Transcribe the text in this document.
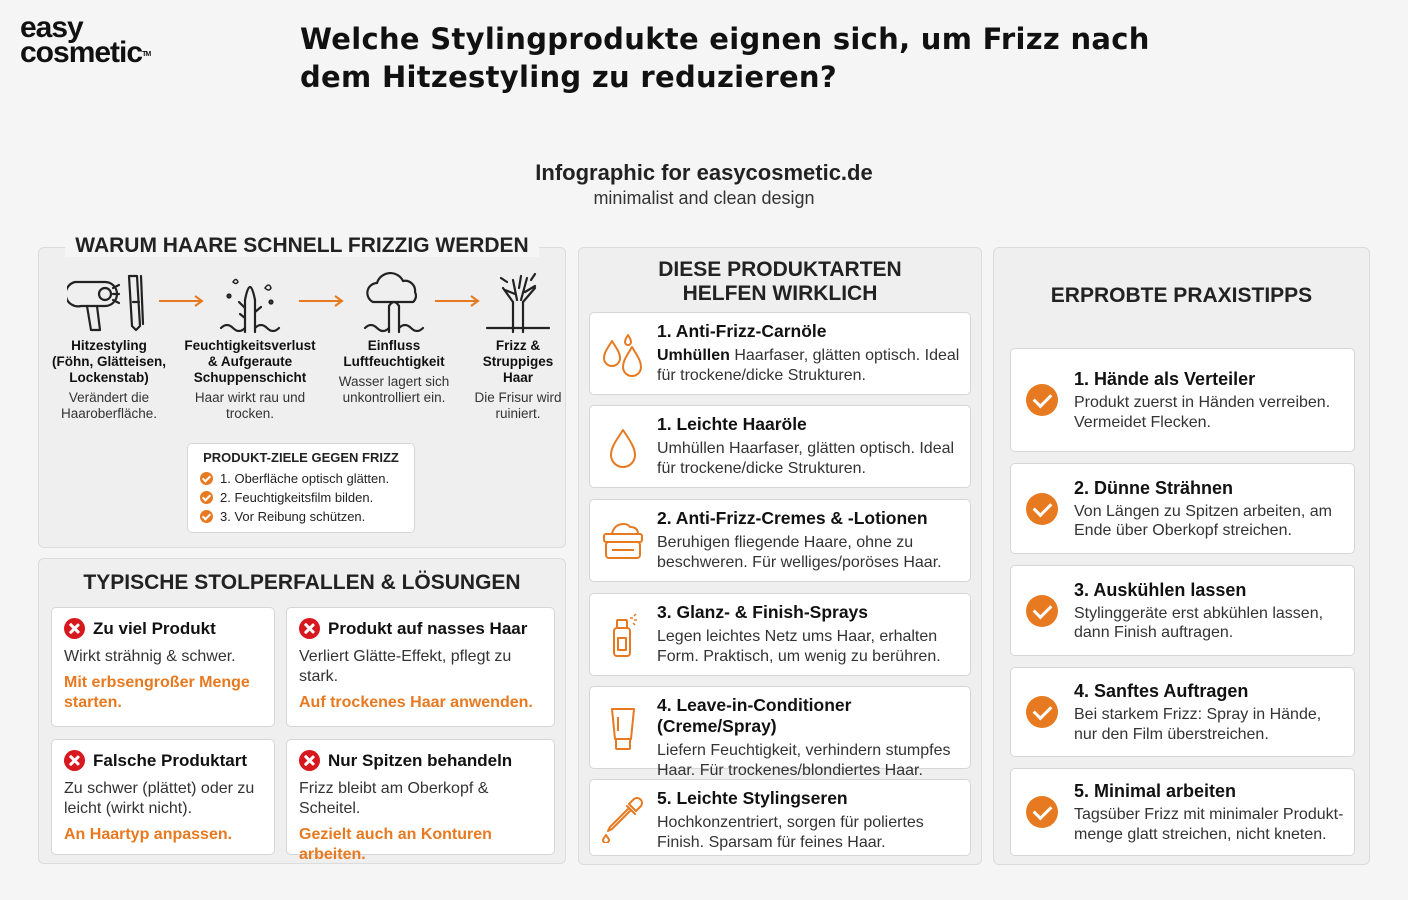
easy
cosmetic™	Welche Stylingprodukte eignen sich, um Frizz nach dem Hitzestyling zu reduzieren?
Infographic for easycosmetic.de
minimalist and clean design
WARUM HAARE SCHNELL FRIZZIG WERDEN
Hitzestyling (Föhn, Glätteisen, Lockenstab)
Verändert die Haaroberfläche.
Feuchtigkeitsverlust & Aufgeraute Schuppenschicht
Haar wirkt rau und trocken.
Einfluss Luftfeuchtigkeit
Wasser lagert sich unkontrolliert ein.
Frizz & Struppiges Haar
Die Frisur wird ruiniert.
PRODUKT-ZIELE GEGEN FRIZZ
1. Oberfläche optisch glätten.
2. Feuchtigkeitsfilm bilden.
3. Vor Reibung schützen.
TYPISCHE STOLPERFALLEN & LÖSUNGEN
Zu viel Produkt
Wirkt strähnig & schwer.
Mit erbsengroßer Menge starten.
Produkt auf nasses Haar
Verliert Glätte-Effekt, pflegt zu stark.
Auf trockenes Haar anwenden.
Falsche Produktart
Zu schwer (plättet) oder zu leicht (wirkt nicht).
An Haartyp anpassen.
Nur Spitzen behandeln
Frizz bleibt am Oberkopf & Scheitel.
Gezielt auch an Konturen arbeiten.
DIESE PRODUKTARTEN
HELFEN WIRKLICH
1. Anti-Frizz-Carnöle
Umhüllen Haarfaser, glätten optisch. Ideal für trockene/dicke Strukturen.
1. Leichte Haaröle
Umhüllen Haarfaser, glätten optisch. Ideal für trockene/dicke Strukturen.
2. Anti-Frizz-Cremes & -Lotionen
Beruhigen fliegende Haare, ohne zu beschweren. Für welliges/poröses Haar.
3. Glanz- & Finish-Sprays
Legen leichtes Netz ums Haar, erhalten Form. Praktisch, um wenig zu berühren.
4. Leave-in-Conditioner (Creme/Spray)
Liefern Feuchtigkeit, verhindern stumpfes Haar. Für trockenes/blondiertes Haar.
5. Leichte Stylingseren
Hochkonzentriert, sorgen für poliertes Finish. Sparsam für feines Haar.
ERPROBTE PRAXISTIPPS
1. Hände als Verteiler
Produkt zuerst in Händen verreiben. Vermeidet Flecken.
2. Dünne Strähnen
Von Längen zu Spitzen arbeiten, am Ende über Oberkopf streichen.
3. Auskühlen lassen
Stylinggeräte erst abkühlen lassen, dann Finish auftragen.
4. Sanftes Auftragen
Bei starkem Frizz: Spray in Hände, nur den Film überstreichen.
5. Minimal arbeiten
Tagsüber Frizz mit minimaler Produkt-menge glatt streichen, nicht kneten.
